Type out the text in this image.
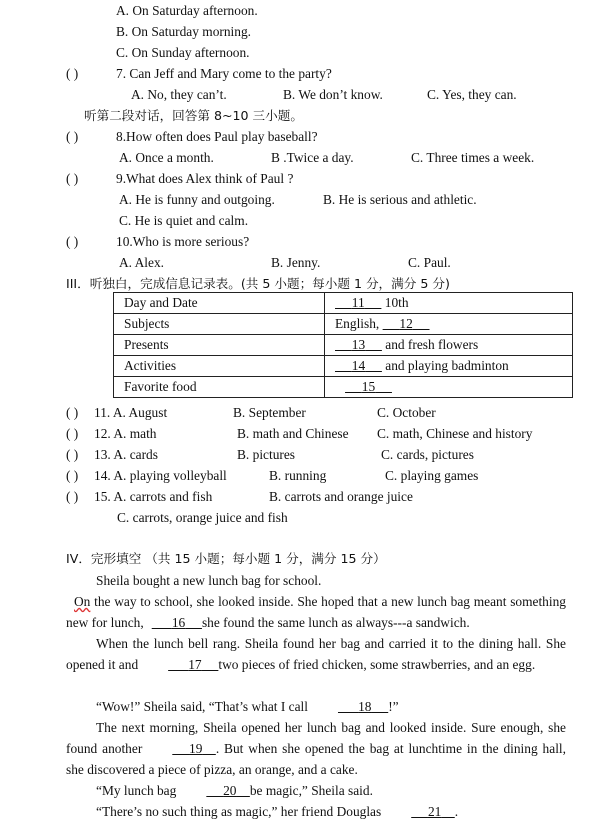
A. On Saturday afternoon.
B. On Saturday morning.
C. On Sunday afternoon.
( )	7. Can Jeff and Mary come to the party?
A. No, they can’t.	B. We don’t know.	C. Yes, they can.
听第二段对话，回答第 8~10 三小题。
( )	8.How often does Paul play baseball?
A. Once a month.	B .Twice a day.	C. Three times a week.
( )	9.What does Alex think of Paul ?
A. He is funny and outgoing.	B. He is serious and athletic.
C. He is quiet and calm.
( )	10.Who is more serious?
A. Alex.	B. Jenny.	C. Paul.
III．听独白，完成信息记录表。(共 5 小题；每小题 1 分，满分 5 分)
Day and Date	11 10th
Subjects	English,      12
Presents	13 and fresh flowers
Activities	14 and playing badminton
Favorite food	15
( ) 11. A. August	B. September	C. October
( ) 12. A. math	B. math and Chinese C. math, Chinese and history
( ) 13. A. cards	B. pictures	C. cards, pictures
( ) 14. A. playing volleyball	B. running	C. playing games
( ) 15. A. carrots and fish	B. carrots and orange juice
C. carrots, orange juice and fish
IV．完形填空 （共 15 小题；每小题 1 分，满分 15 分）
Sheila bought a new lunch bag for school.
On the way to school, she looked inside. She hoped that a new lunch bag meant something new for lunch, 16 she found the same lunch as always---a sandwich.
When the lunch bell rang. Sheila found her bag and carried it to the dining hall. She opened it and	17 two pieces of fried chicken, some strawberries, and an egg.
“Wow!” Sheila said, “That’s what I call	18 !”
The next morning, Sheila opened her lunch bag and looked inside. Sure enough, she found another	19 . But when she opened the bag at lunchtime in the dining hall, she discovered a piece of pizza, an orange, and a cake.
“My lunch bag	20 be magic,” Sheila said.
“There’s no such thing as magic,” her friend Douglas	21 .
